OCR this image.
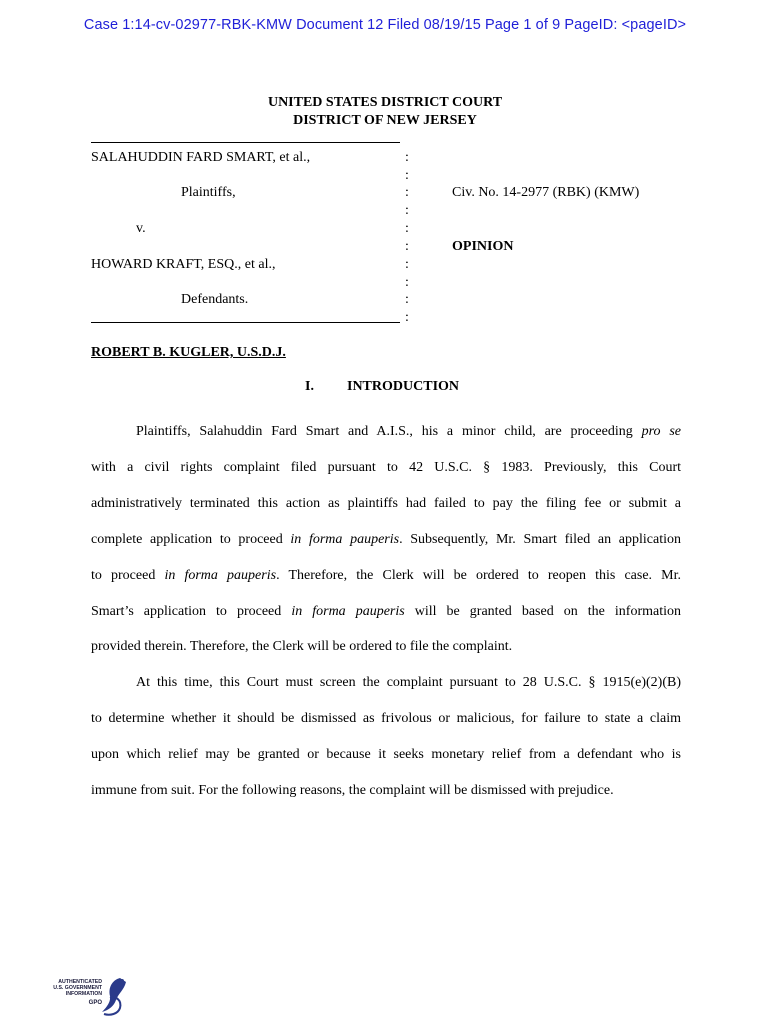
Case 1:14-cv-02977-RBK-KMW Document 12 Filed 08/19/15 Page 1 of 9 PageID: <pageID>
UNITED STATES DISTRICT COURT
DISTRICT OF NEW JERSEY
SALAHUDDIN FARD SMART, et al.,
Plaintiffs,
v.
HOWARD KRAFT, ESQ., et al.,
Defendants.
:
:
:
:
:
:
:
:
:
:
Civ. No. 14-2977 (RBK) (KMW)
OPINION
ROBERT B. KUGLER, U.S.D.J.
I. INTRODUCTION

Plaintiffs, Salahuddin Fard Smart and A.I.S., his a minor child, are proceeding pro se

with a civil rights complaint filed pursuant to 42 U.S.C. § 1983. Previously, this Court
administratively terminated this action as plaintiffs had failed to pay the filing fee or submit a
complete application to proceed in forma pauperis. Subsequently, Mr. Smart filed an application
to proceed in forma pauperis. Therefore, the Clerk will be ordered to reopen this case. Mr.
Smart’s application to proceed in forma pauperis will be granted based on the information
provided therein. Therefore, the Clerk will be ordered to file the complaint.

At this time, this Court must screen the complaint pursuant to 28 U.S.C. § 1915(e)(2)(B)

to determine whether it should be dismissed as frivolous or malicious, for failure to state a claim
upon which relief may be granted or because it seeks monetary relief from a defendant who is
immune from suit. For the following reasons, the complaint will be dismissed with prejudice.
AUTHENTICATED
U.S. GOVERNMENT
INFORMATION
GPO
